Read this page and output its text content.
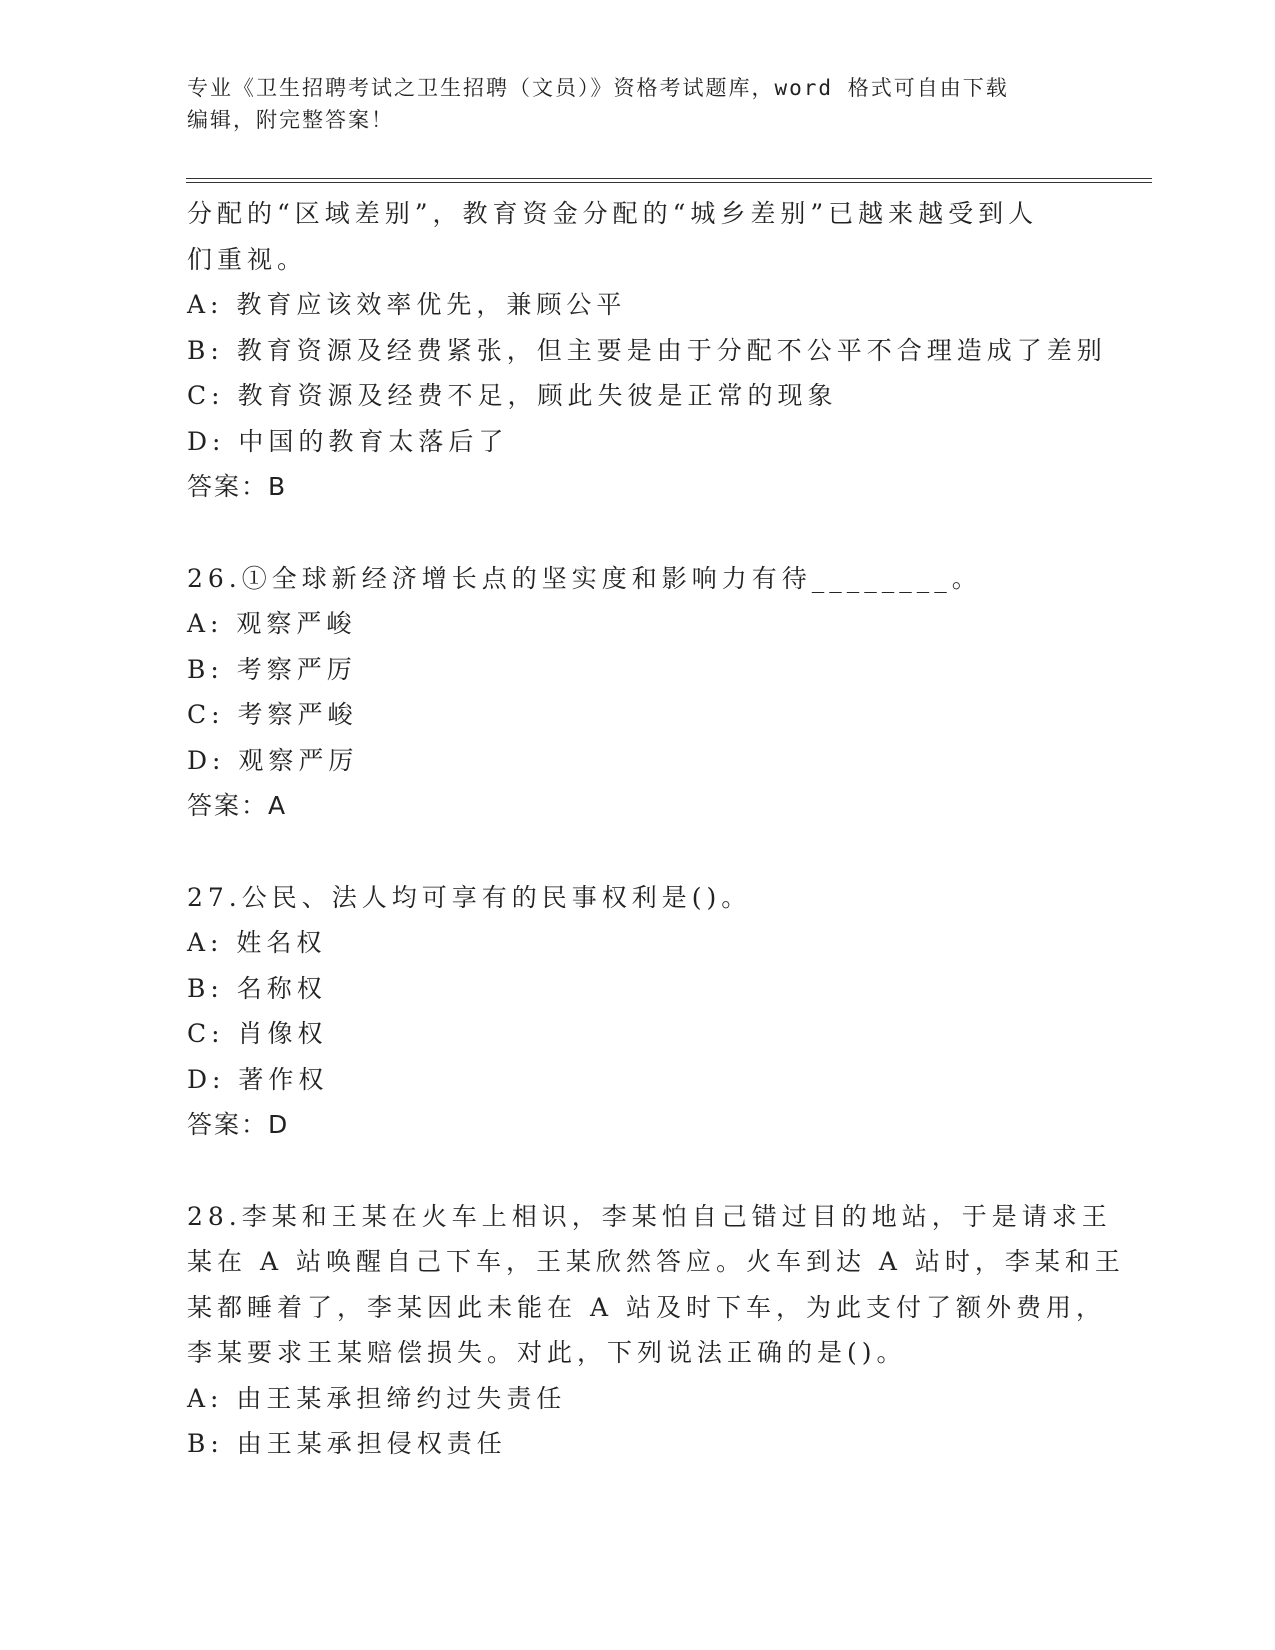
专业《卫生招聘考试之卫生招聘（文员）》资格考试题库，word 格式可自由下载
编辑，附完整答案！
分配的“区域差别”，教育资金分配的“城乡差别”已越来越受到人
们重视。
A: 教育应该效率优先，兼顾公平
B: 教育资源及经费紧张，但主要是由于分配不公平不合理造成了差别
C: 教育资源及经费不足，顾此失彼是正常的现象
D: 中国的教育太落后了
答案：B
26.①全球新经济增长点的坚实度和影响力有待________。
A: 观察严峻
B: 考察严厉
C: 考察严峻
D: 观察严厉
答案：A
27.公民、法人均可享有的民事权利是()。
A: 姓名权
B: 名称权
C: 肖像权
D: 著作权
答案：D
28.李某和王某在火车上相识，李某怕自己错过目的地站，于是请求王
某在 A 站唤醒自己下车，王某欣然答应。火车到达 A 站时，李某和王
某都睡着了，李某因此未能在 A 站及时下车，为此支付了额外费用，
李某要求王某赔偿损失。对此，下列说法正确的是()。
A: 由王某承担缔约过失责任
B: 由王某承担侵权责任
